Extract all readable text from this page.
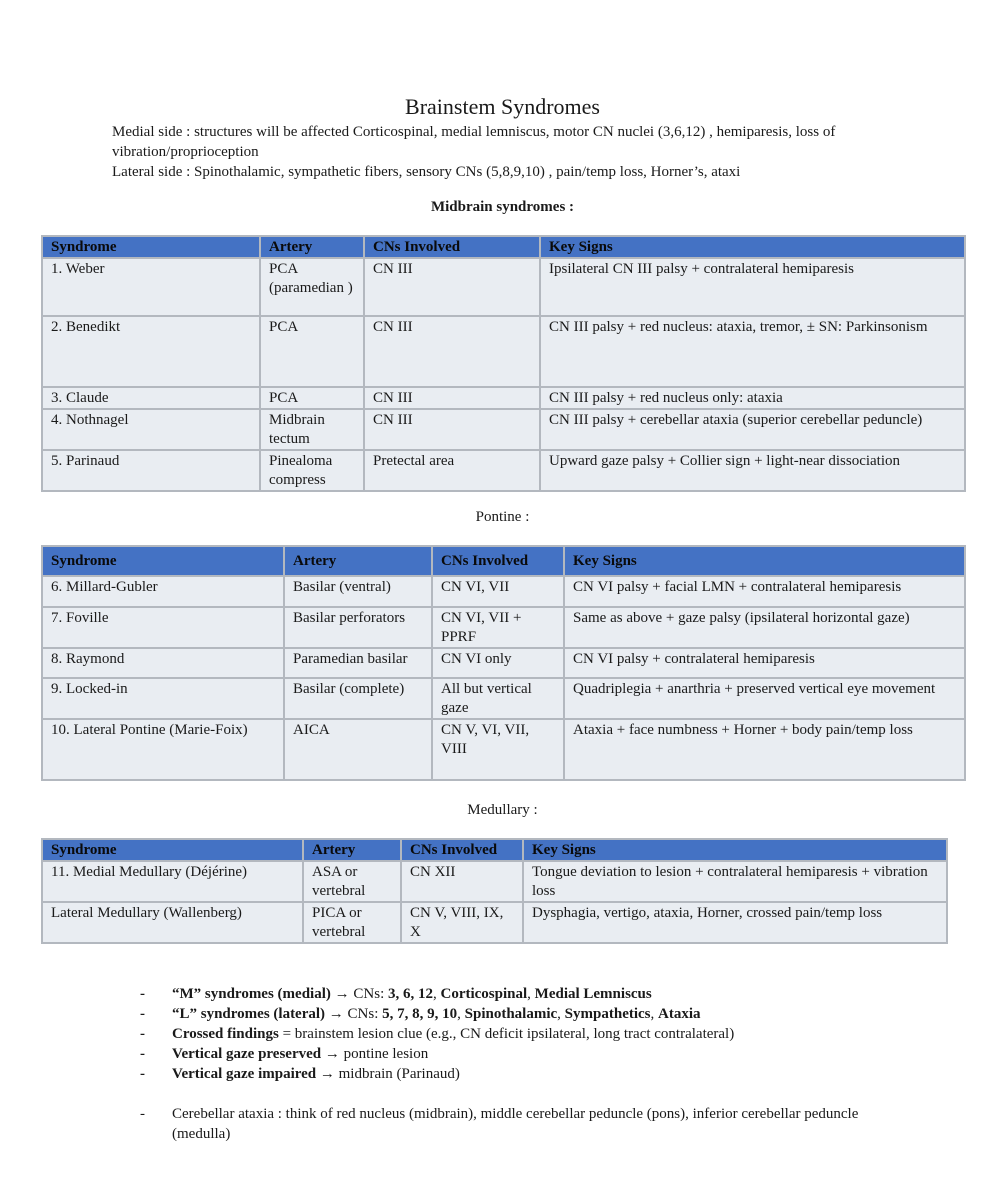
Brainstem Syndromes

Medial side : structures will be affected Corticospinal, medial lemniscus, motor CN nuclei (3,6,12) , hemiparesis, loss of vibration/proprioception

Lateral side : Spinothalamic, sympathetic fibers, sensory CNs (5,8,9,10) , pain/temp loss, Horner’s, ataxi

Midbrain syndromes :
Syndrome	Artery	CNs Involved	Key Signs
1. Weber	PCA (paramedian )	CN III	Ipsilateral CN III palsy + contralateral hemiparesis
2. Benedikt	PCA	CN III	CN III palsy + red nucleus: ataxia, tremor, ± SN: Parkinsonism
3. Claude	PCA	CN III	CN III palsy + red nucleus only: ataxia
4. Nothnagel	Midbrain tectum	CN III	CN III palsy + cerebellar ataxia (superior cerebellar peduncle)
5. Parinaud	Pinealoma compress	Pretectal area	Upward gaze palsy + Collier sign + light-near dissociation
Pontine :
Syndrome	Artery	CNs Involved	Key Signs
6. Millard-Gubler	Basilar (ventral)	CN VI, VII	CN VI palsy + facial LMN + contralateral hemiparesis
7. Foville	Basilar perforators	CN VI, VII + PPRF	Same as above + gaze palsy (ipsilateral horizontal gaze)
8. Raymond	Paramedian basilar	CN VI only	CN VI palsy + contralateral hemiparesis
9. Locked-in	Basilar (complete)	All but vertical gaze	Quadriplegia + anarthria + preserved vertical eye movement
10. Lateral Pontine (Marie-Foix)	AICA	CN V, VI, VII, VIII	Ataxia + face numbness + Horner + body pain/temp loss
Medullary :
Syndrome	Artery	CNs Involved	Key Signs
11. Medial Medullary (Déjérine)	ASA or vertebral	CN XII	Tongue deviation to lesion + contralateral hemiparesis + vibration loss
Lateral Medullary (Wallenberg)	PICA or vertebral	CN V, VIII, IX, X	Dysphagia, vertigo, ataxia, Horner, crossed pain/temp loss
-	“M” syndromes (medial) → CNs: 3, 6, 12, Corticospinal, Medial Lemniscus
-	“L” syndromes (lateral) → CNs: 5, 7, 8, 9, 10, Spinothalamic, Sympathetics, Ataxia
-	Crossed findings = brainstem lesion clue (e.g., CN deficit ipsilateral, long tract contralateral)
-	Vertical gaze preserved → pontine lesion
-	Vertical gaze impaired → midbrain (Parinaud)
-	Cerebellar ataxia : think of red nucleus (midbrain), middle cerebellar peduncle (pons), inferior cerebellar peduncle (medulla)
